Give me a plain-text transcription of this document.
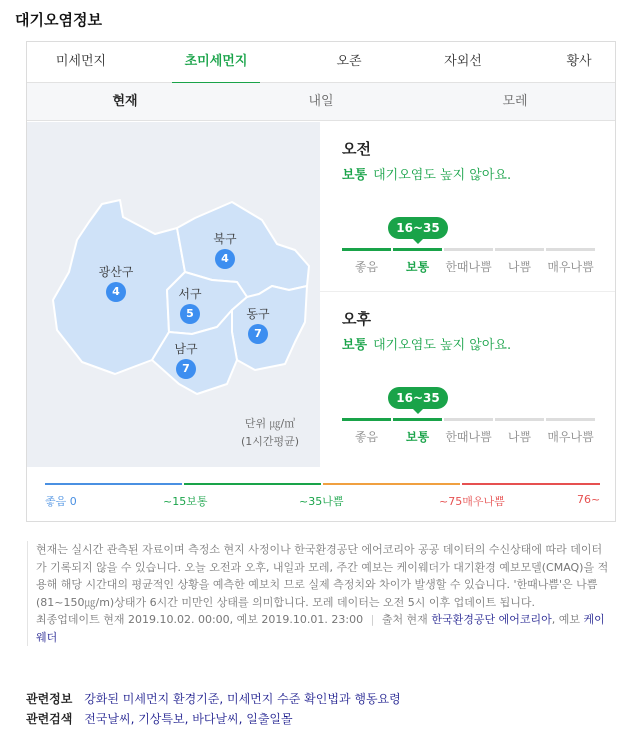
대기오염정보
미세먼지	초미세먼지	오존	자외선	황사
현재	내일	모레
북구
4
광산구
4	서구
5	동구
7
남구
7
단위 ㎍/㎥
(1시간평균)
오전
보통 대기오염도 높지 않아요.
16~35
좋음	보통	한때나쁨	나쁨	매우나쁨
오후
보통 대기오염도 높지 않아요.
16~35
좋음	보통	한때나쁨	나쁨	매우나쁨
좋음 0	~15보통	~35나쁨	~75매우나쁨	76~
현재는 실시간 관측된 자료이며 측정소 현지 사정이나 한국환경공단 에어코리아 공공 데이터의 수신상태에 따라 데이터가 기록되지 않을 수 있습니다. 오늘 오전과 오후, 내일과 모레, 주간 예보는 케이웨더가 대기환경 예보모델(CMAQ)을 적용해 해당 시간대의 평균적인 상황을 예측한 예보치 므로 실제 측정치와 차이가 발생할 수 있습니다. '한때나쁨'은 나쁨(81~150㎍/m)상태가 6시간 미만인 상태를 의미합니다. 모레 데이터는 오전 5시 이후 업데이트 됩니다.
최종업데이트 현재 2019.10.02. 00:00, 예보 2019.10.01. 23:00 | 출처 현재 한국환경공단 에어코리아, 예보 케이웨더
관련정보 강화된 미세먼지 환경기준, 미세먼지 수준 확인법과 행동요령
관련검색 전국날씨, 기상특보, 바다날씨, 일출일몰
